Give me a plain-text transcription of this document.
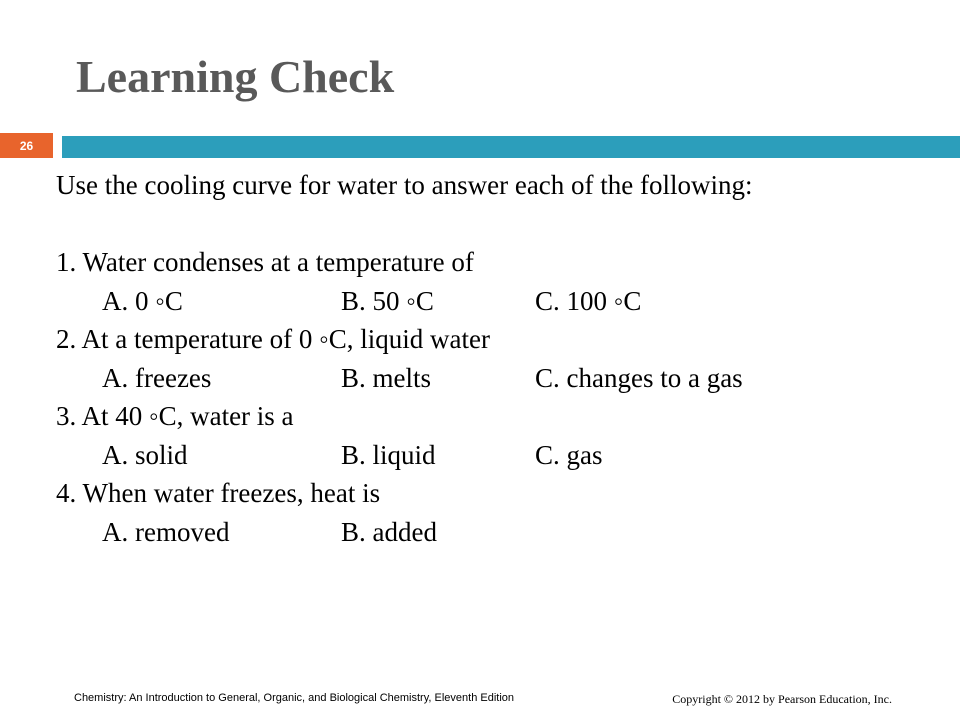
Learning Check
26
Use the cooling curve for water to answer each of the following:
1. Water condenses at a temperature of
A. 0 ◦C	B. 50 ◦C	C. 100 ◦C
2. At a temperature of 0 ◦C, liquid water
A. freezes	B. melts	C. changes to a gas
3. At 40 ◦C, water is a
A. solid	B. liquid	C. gas
4. When water freezes, heat is
A. removed	B. added
Chemistry: An Introduction to General, Organic, and Biological Chemistry, Eleventh Edition	Copyright © 2012 by Pearson Education, Inc.
